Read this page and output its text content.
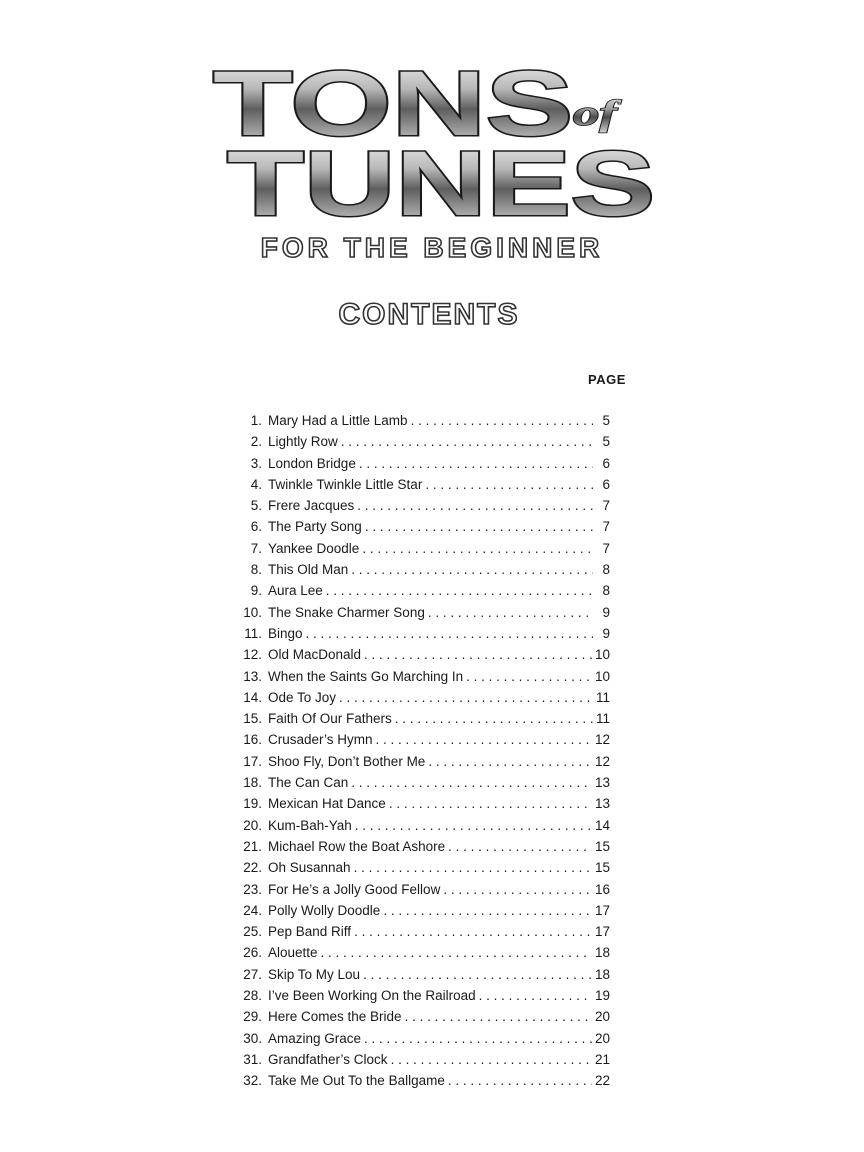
TONS of
TUNES
FOR THE BEGINNER
CONTENTS
PAGE
1. Mary Had a Little Lamb . . .	5
2. Lightly Row . . .	5
3. London Bridge . . .	6
4. Twinkle Twinkle Little Star . . .	6
5. Frere Jacques . . .	7
6. The Party Song . . .	7
7. Yankee Doodle . . .	7
8. This Old Man . . .	8
9. Aura Lee . . .	8
10. The Snake Charmer Song . . .	9
11. Bingo . . .	9
12. Old MacDonald . . .	10
13. When the Saints Go Marching In . . .	10
14. Ode To Joy . . .	11
15. Faith Of Our Fathers . . .	11
16. Crusader’s Hymn . . .	12
17. Shoo Fly, Don’t Bother Me . . .	12
18. The Can Can . . .	13
19. Mexican Hat Dance . . .	13
20. Kum-Bah-Yah . . .	14
21. Michael Row the Boat Ashore . . .	15
22. Oh Susannah . . .	15
23. For He’s a Jolly Good Fellow . . .	16
24. Polly Wolly Doodle . . .	17
25. Pep Band Riff . . .	17
26. Alouette . . .	18
27. Skip To My Lou . . .	18
28. I’ve Been Working On the Railroad . . .	19
29. Here Comes the Bride . . .	20
30. Amazing Grace . . .	20
31. Grandfather’s Clock . . .	21
32. Take Me Out To the Ballgame . . .	22
